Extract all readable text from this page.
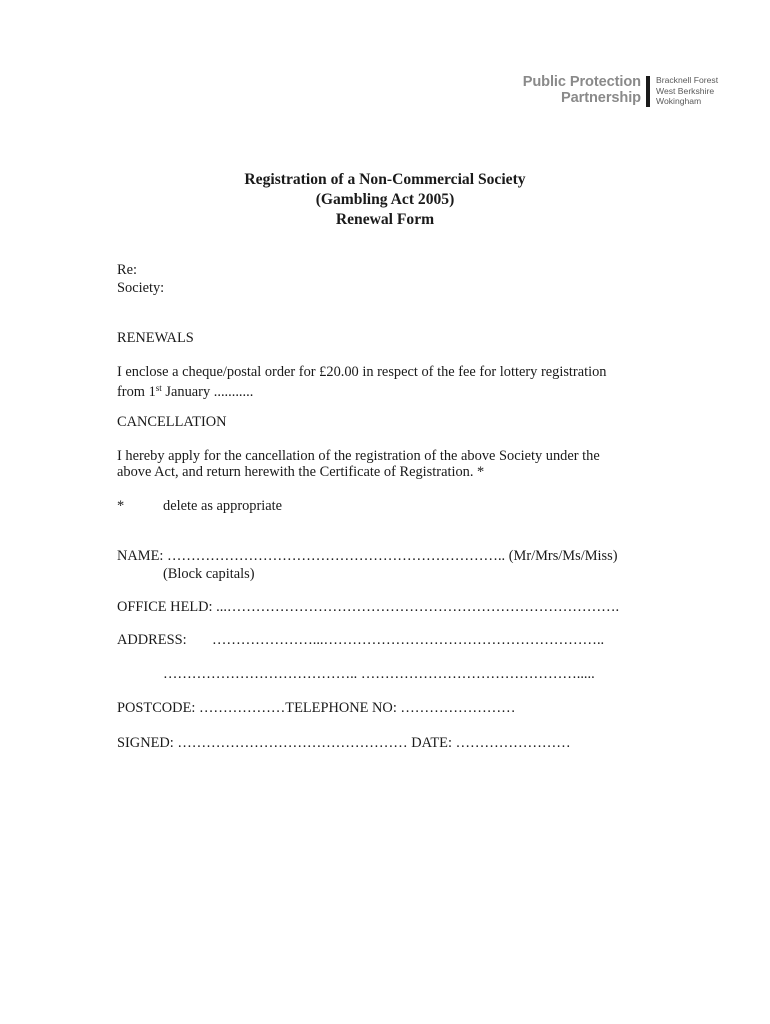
Public Protection
Partnership
Bracknell Forest
West Berkshire
Wokingham
Registration of a Non-Commercial Society
(Gambling Act 2005)
Renewal Form
Re:
Society:
RENEWALS
I enclose a cheque/postal order for £20.00 in respect of the fee for lottery registration
from 1st January ...........
CANCELLATION
I hereby apply for the cancellation of the registration of the above Society under the
above Act, and return herewith the Certificate of Registration. *
*	delete as appropriate
NAME: …………………………………………………………….. (Mr/Mrs/Ms/Miss)
(Block capitals)
OFFICE HELD: ...……………………………………………………………………….
ADDRESS: …………………...…………………………………………………..
………………………………….. ……………………………………….....
POSTCODE: ………………TELEPHONE NO: ……………………
SIGNED: ………………………………………… DATE: ……………………
